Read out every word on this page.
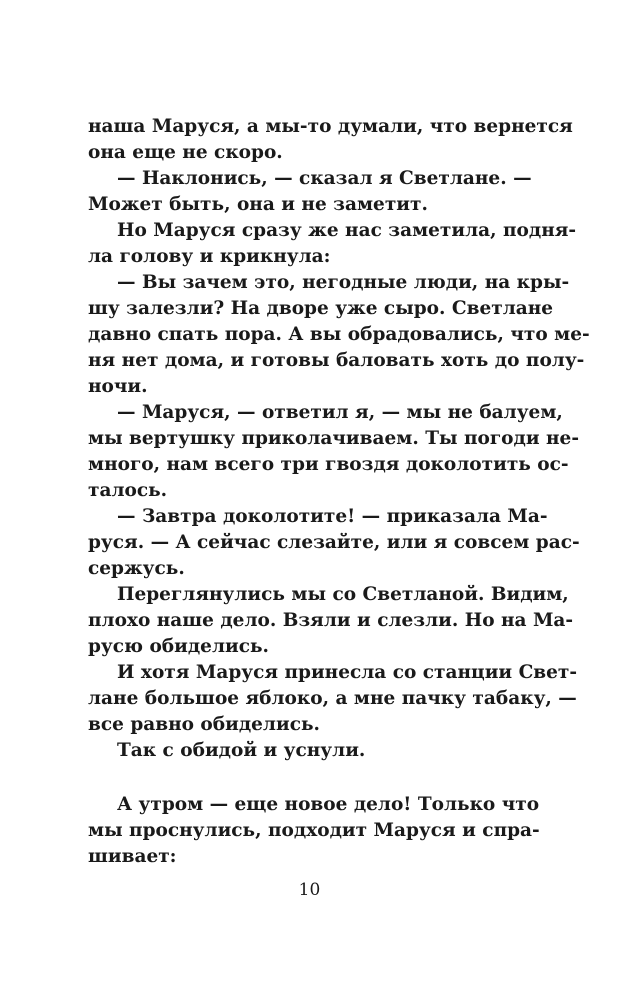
наша Маруся, а мы-то думали, что вернется
она еще не скоро.
— Наклонись, — сказал я Светлане. —
Может быть, она и не заметит.
Но Маруся сразу же нас заметила, подня-
ла голову и крикнула:
— Вы зачем это, негодные люди, на кры-
шу залезли? На дворе уже сыро. Светлане
давно спать пора. А вы обрадовались, что ме-
ня нет дома, и готовы баловать хоть до полу-
ночи.
— Маруся, — ответил я, — мы не балуем,
мы вертушку приколачиваем. Ты погоди не-
много, нам всего три гвоздя доколотить ос-
талось.
— Завтра доколотите! — приказала Ма-
руся. — А сейчас слезайте, или я совсем рас-
сержусь.
Переглянулись мы со Светланой. Видим,
плохо наше дело. Взяли и слезли. Но на Ма-
русю обиделись.
И хотя Маруся принесла со станции Свет-
лане большое яблоко, а мне пачку табаку, —
все равно обиделись.
Так с обидой и уснули.
А утром — еще новое дело! Только что
мы проснулись, подходит Маруся и спра-
шивает:
10
